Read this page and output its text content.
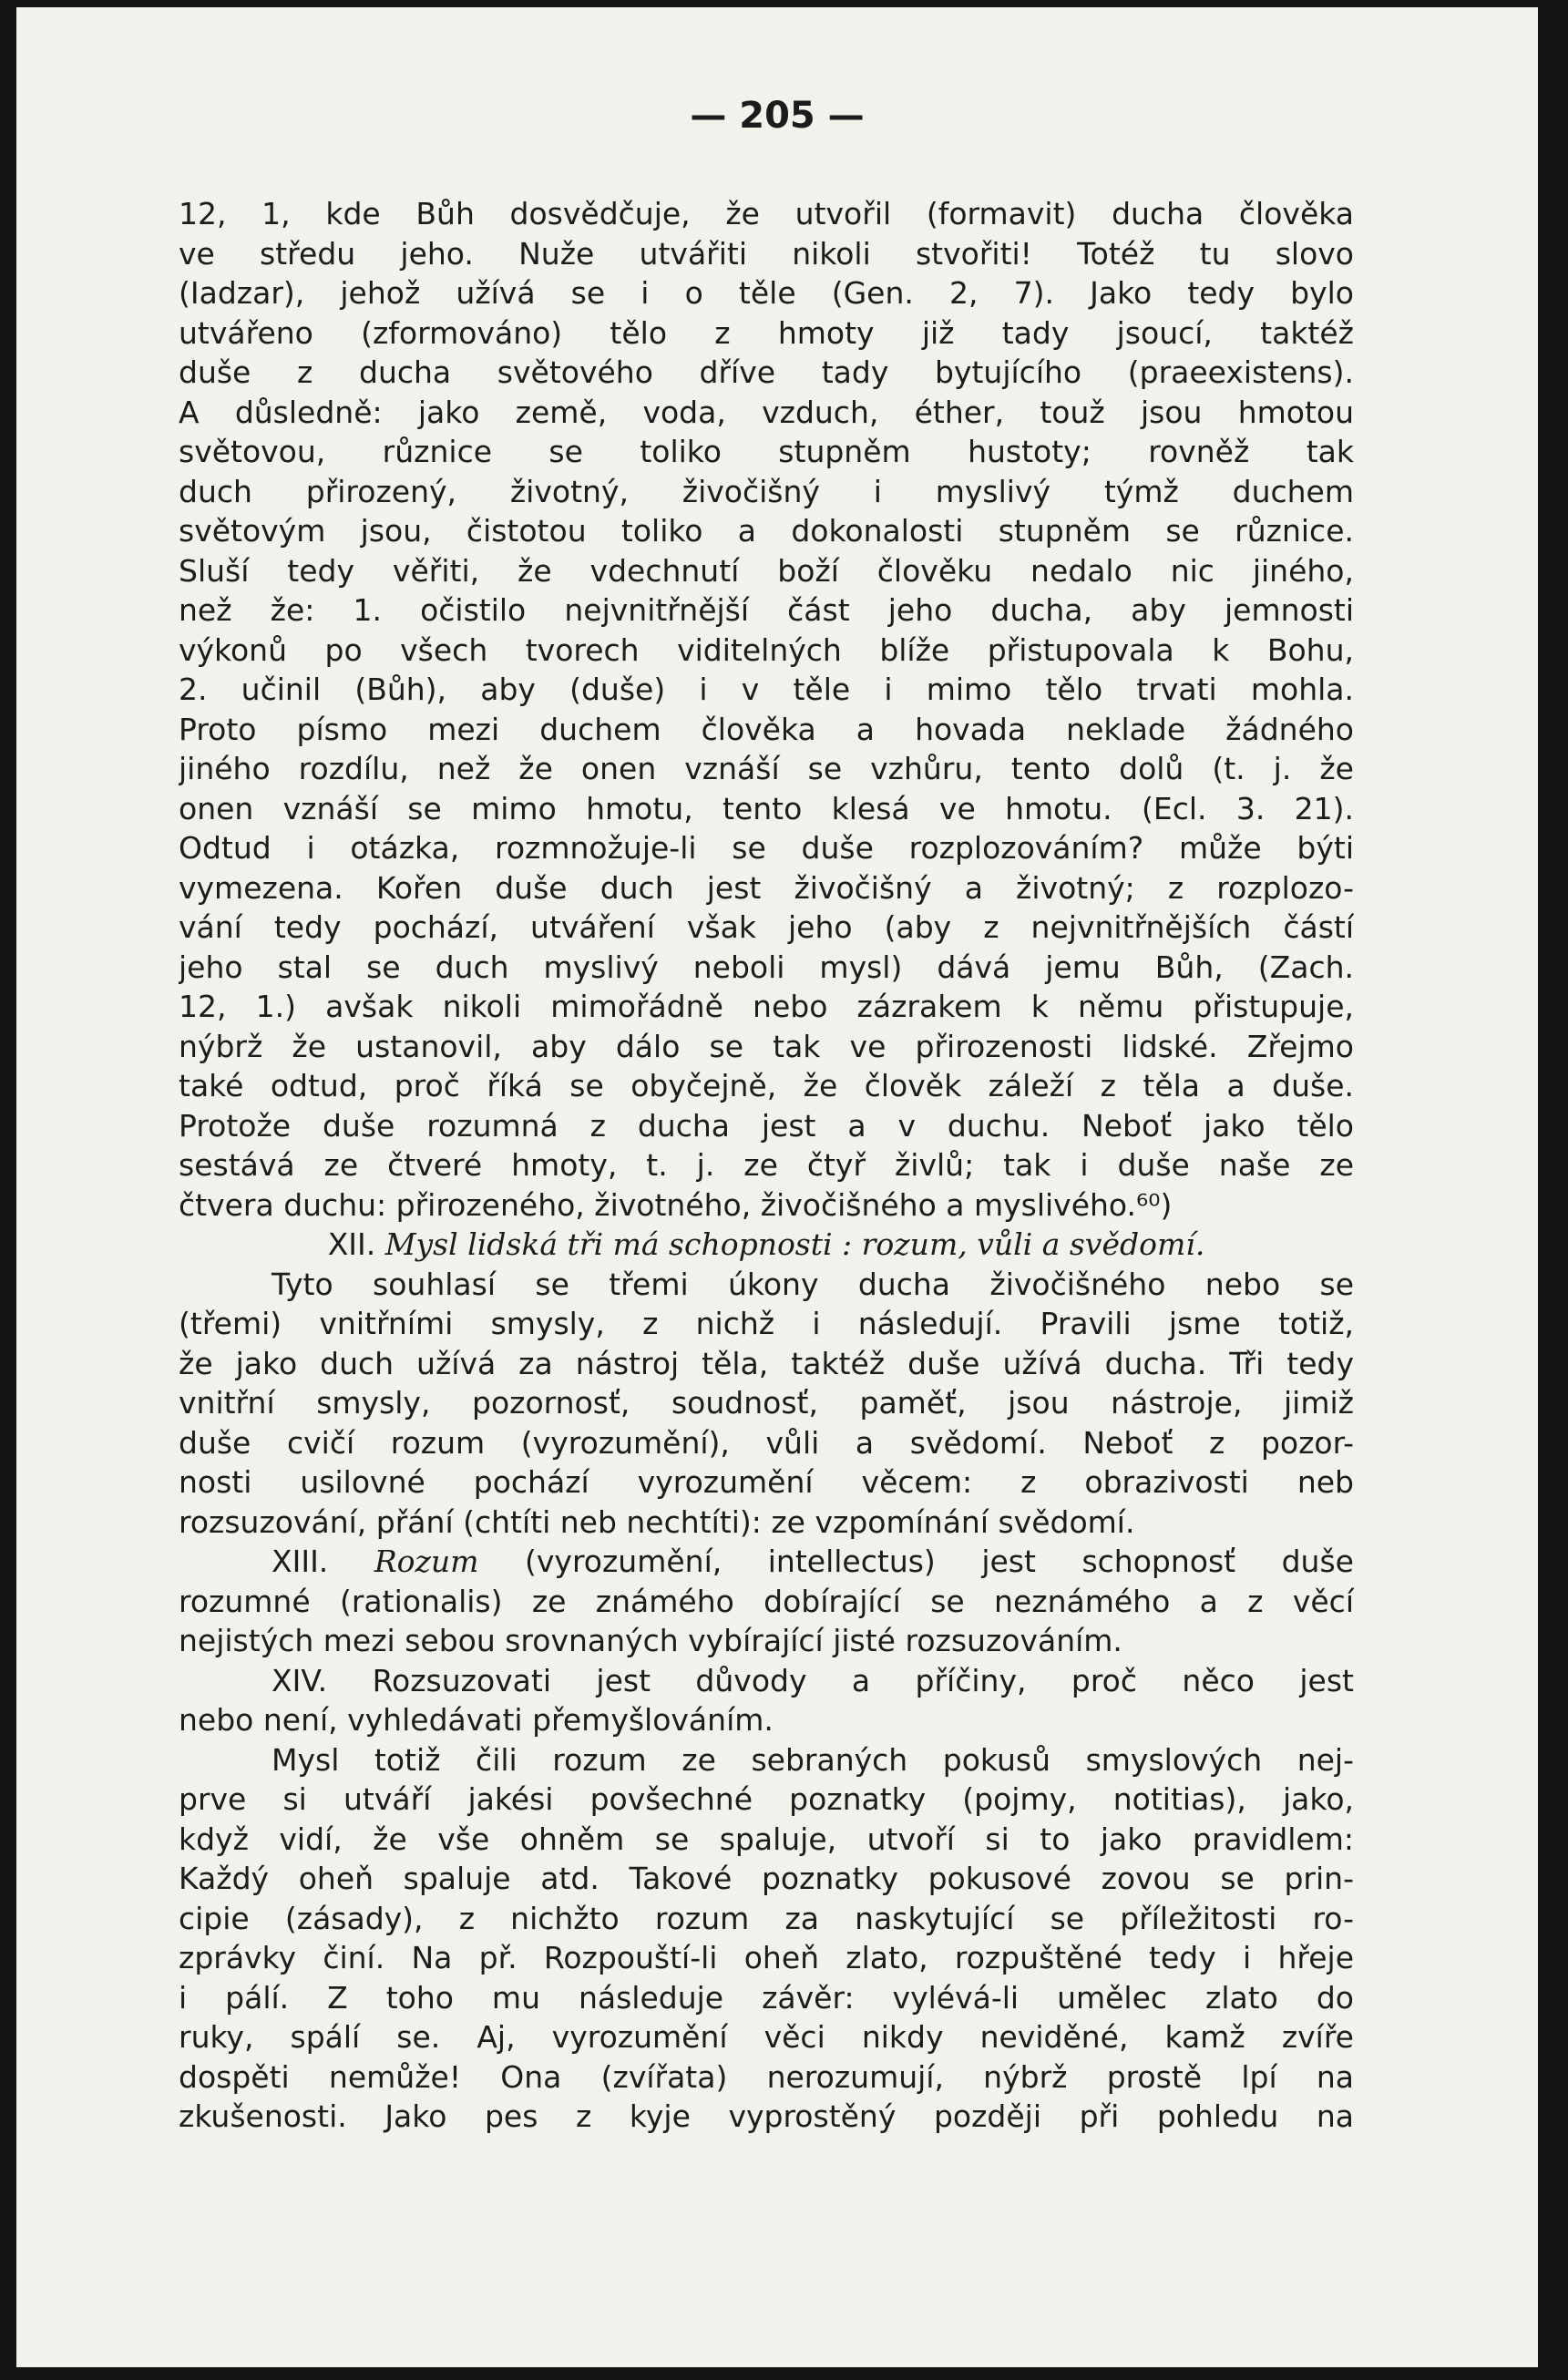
— 205 —

12, 1, kde Bůh dosvědčuje, že utvořil (formavit) ducha člověka
ve středu jeho. Nuže utvářiti nikoli stvořiti! Totéž tu slovo
(Iadzar), jehož užívá se i o těle (Gen. 2, 7). Jako tedy bylo
utvářeno (zformováno) tělo z hmoty již tady jsoucí, taktéž
duše z ducha světového dříve tady bytujícího (praeexistens).
A důsledně: jako země, voda, vzduch, éther, touž jsou hmotou
světovou, různice se toliko stupněm hustoty; rovněž tak
duch přirozený, životný, živočišný i myslivý týmž duchem
světovým jsou, čistotou toliko a dokonalosti stupněm se různice.
Sluší tedy věřiti, že vdechnutí boží člověku nedalo nic jiného,
než že: 1. očistilo nejvnitřnější část jeho ducha, aby jemnosti
výkonů po všech tvorech viditelných blíže přistupovala k Bohu,
2. učinil (Bůh), aby (duše) i v těle i mimo tělo trvati mohla.
Proto písmo mezi duchem člověka a hovada neklade žádného
jiného rozdílu, než že onen vznáší se vzhůru, tento dolů (t. j. že
onen vznáší se mimo hmotu, tento klesá ve hmotu. (Ecl. 3. 21).
Odtud i otázka, rozmnožuje-li se duše rozplozováním? může býti
vymezena. Kořen duše duch jest živočišný a životný; z rozplozo-
vání tedy pochází, utváření však jeho (aby z nejvnitřnějších částí
jeho stal se duch myslivý neboli mysl) dává jemu Bůh, (Zach.
12, 1.) avšak nikoli mimořádně nebo zázrakem k němu přistupuje,
nýbrž že ustanovil, aby dálo se tak ve přirozenosti lidské. Zřejmo
také odtud, proč říká se obyčejně, že člověk záleží z těla a duše.
Protože duše rozumná z ducha jest a v duchu. Neboť jako tělo
sestává ze čtveré hmoty, t. j. ze čtyř živlů; tak i duše naše ze
čtvera duchu: přirozeného, životného, živočišného a myslivého.⁶⁰)
XII. Mysl lidská tři má schopnosti : rozum, vůli a svědomí.
Tyto souhlasí se třemi úkony ducha živočišného nebo se
(třemi) vnitřními smysly, z nichž i následují. Pravili jsme totiž,
že jako duch užívá za nástroj těla, taktéž duše užívá ducha. Tři tedy
vnitřní smysly, pozornosť, soudnosť, paměť, jsou nástroje, jimiž
duše cvičí rozum (vyrozumění), vůli a svědomí. Neboť z pozor-
nosti usilovné pochází vyrozumění věcem: z obrazivosti neb
rozsuzování, přání (chtíti neb nechtíti): ze vzpomínání svědomí.
XIII. Rozum (vyrozumění, intellectus) jest schopnosť duše
rozumné (rationalis) ze známého dobírající se neznámého a z věcí
nejistých mezi sebou srovnaných vybírající jisté rozsuzováním.
XIV. Rozsuzovati jest důvody a příčiny, proč něco jest
nebo není, vyhledávati přemyšlováním.
Mysl totiž čili rozum ze sebraných pokusů smyslových nej-
prve si utváří jakési povšechné poznatky (pojmy, notitias), jako,
když vidí, že vše ohněm se spaluje, utvoří si to jako pravidlem:
Každý oheň spaluje atd. Takové poznatky pokusové zovou se prin-
cipie (zásady), z nichžto rozum za naskytující se příležitosti ro-
zprávky činí. Na př. Rozpouští-li oheň zlato, rozpuštěné tedy i hřeje
i pálí. Z toho mu následuje závěr: vylévá-li umělec zlato do
ruky, spálí se. Aj, vyrozumění věci nikdy neviděné, kamž zvíře
dospěti nemůže! Ona (zvířata) nerozumují, nýbrž prostě lpí na
zkušenosti. Jako pes z kyje vyprostěný později při pohledu na
